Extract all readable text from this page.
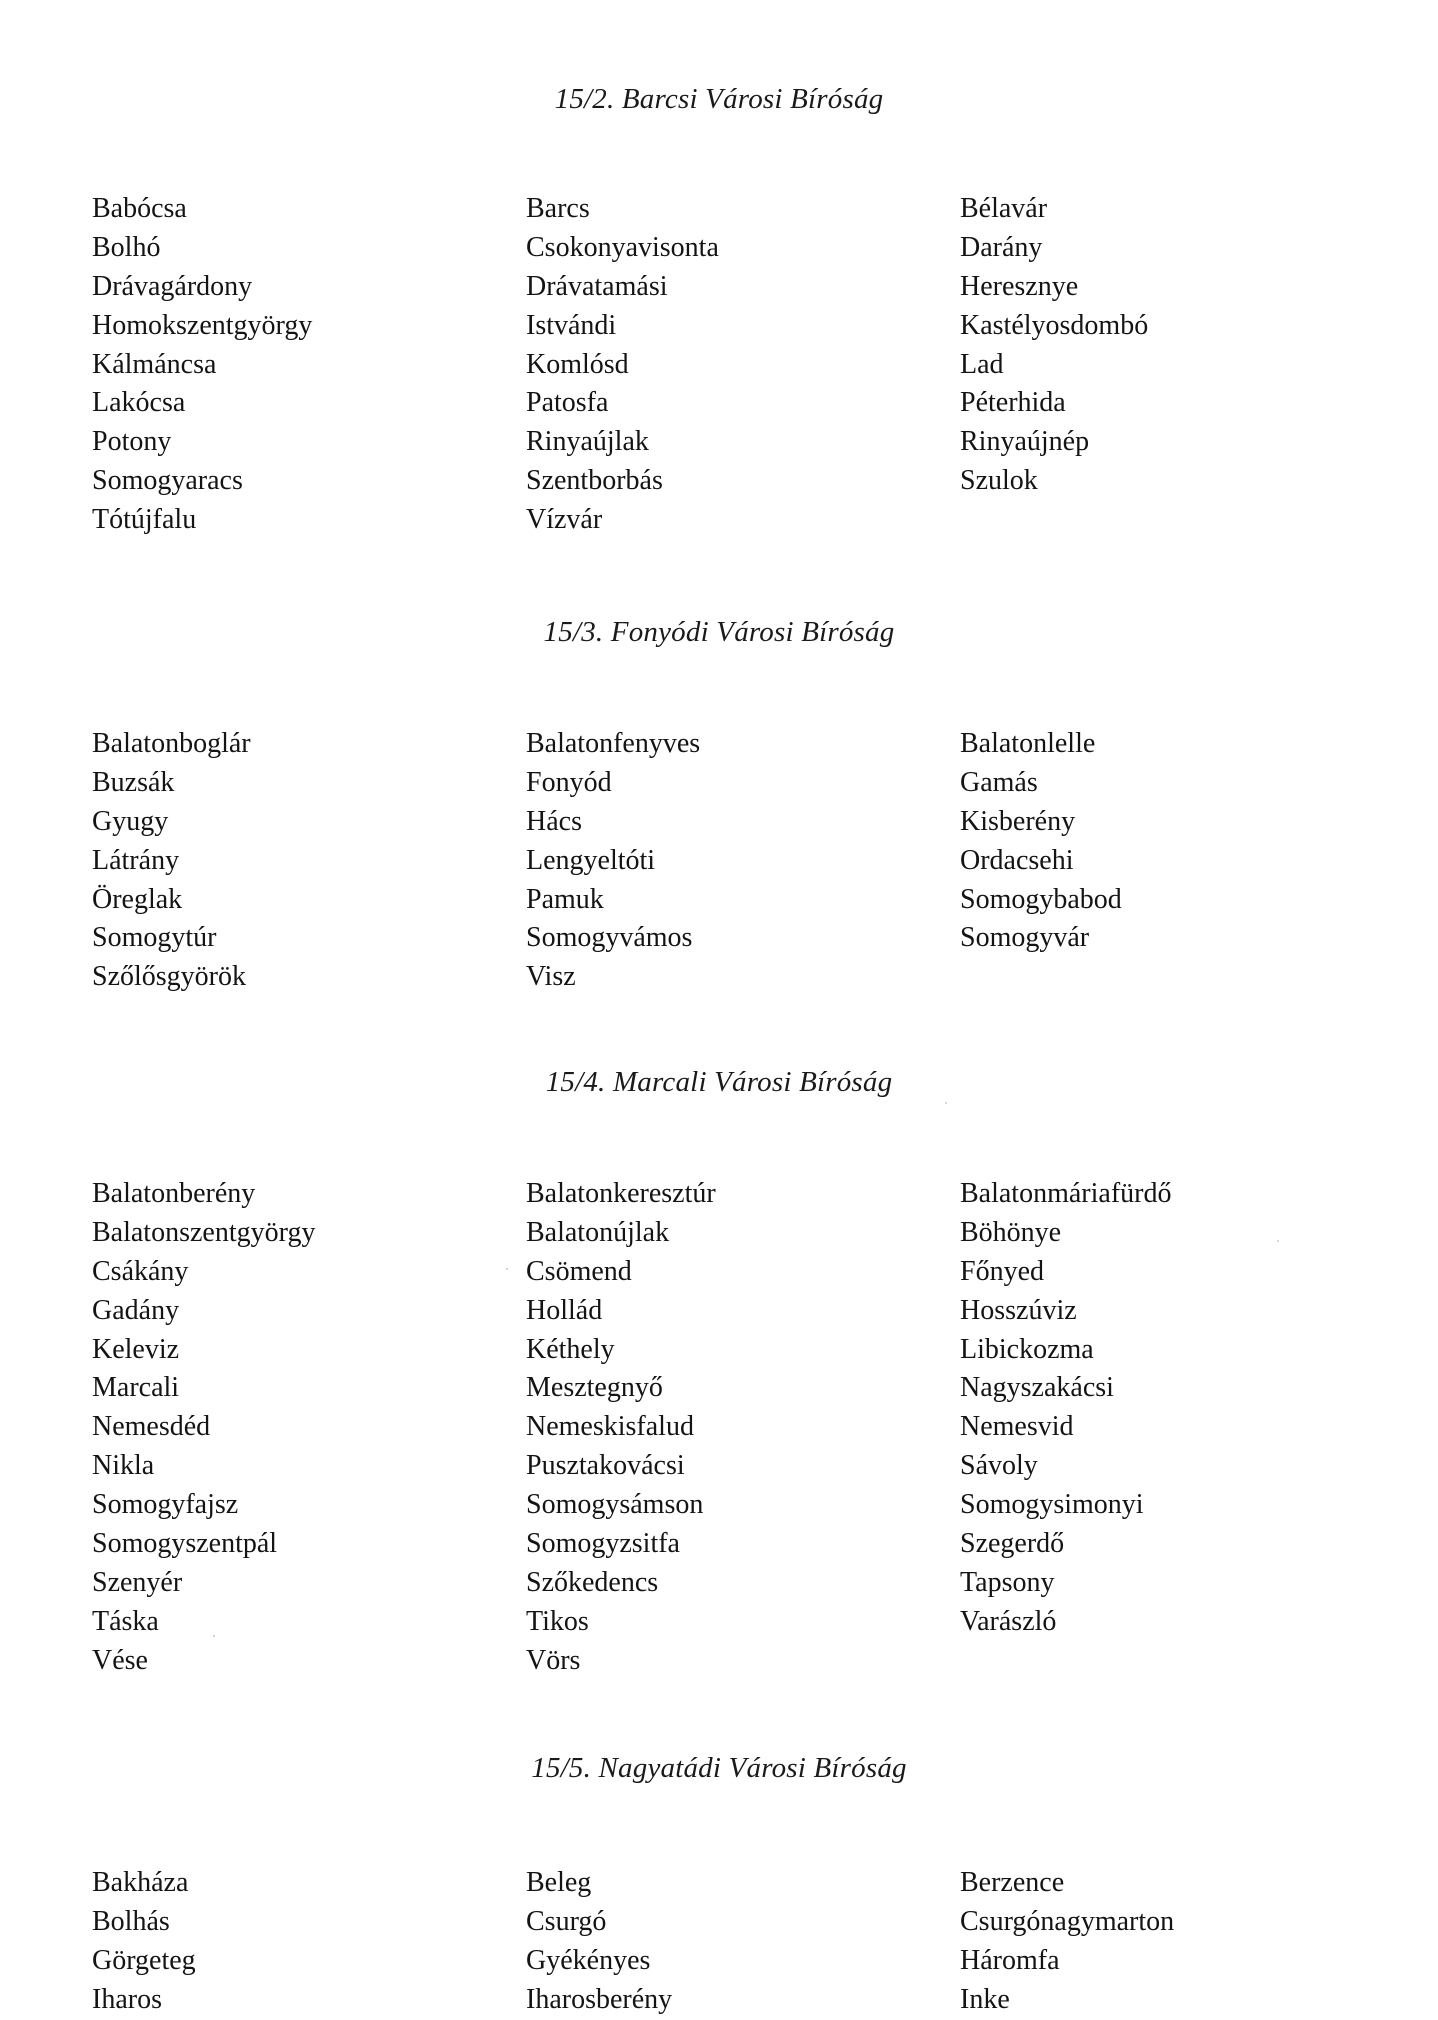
15/2. Barcsi Városi Bíróság
Babócsa
Bolhó
Drávagárdony
Homokszentgyörgy
Kálmáncsa
Lakócsa
Potony
Somogyaracs
Tótújfalu
Barcs
Csokonyavisonta
Drávatamási
Istvándi
Komlósd
Patosfa
Rinyaújlak
Szentborbás
Vízvár
Bélavár
Darány
Heresznye
Kastélyosdombó
Lad
Péterhida
Rinyaújnép
Szulok
15/3. Fonyódi Városi Bíróság
Balatonboglár
Buzsák
Gyugy
Látrány
Öreglak
Somogytúr
Szőlősgyörök
Balatonfenyves
Fonyód
Hács
Lengyeltóti
Pamuk
Somogyvámos
Visz
Balatonlelle
Gamás
Kisberény
Ordacsehi
Somogybabod
Somogyvár
15/4. Marcali Városi Bíróság
Balatonberény
Balatonszentgyörgy
Csákány
Gadány
Keleviz
Marcali
Nemesdéd
Nikla
Somogyfajsz
Somogyszentpál
Szenyér
Táska
Vése
Balatonkeresztúr
Balatonújlak
Csömend
Hollád
Kéthely
Mesztegnyő
Nemeskisfalud
Pusztakovácsi
Somogysámson
Somogyzsitfa
Szőkedencs
Tikos
Vörs
Balatonmáriafürdő
Böhönye
Főnyed
Hosszúviz
Libickozma
Nagyszakácsi
Nemesvid
Sávoly
Somogysimonyi
Szegerdő
Tapsony
Varászló
15/5. Nagyatádi Városi Bíróság
Bakháza
Bolhás
Görgeteg
Iharos
Beleg
Csurgó
Gyékényes
Iharosberény
Berzence
Csurgónagymarton
Háromfa
Inke
